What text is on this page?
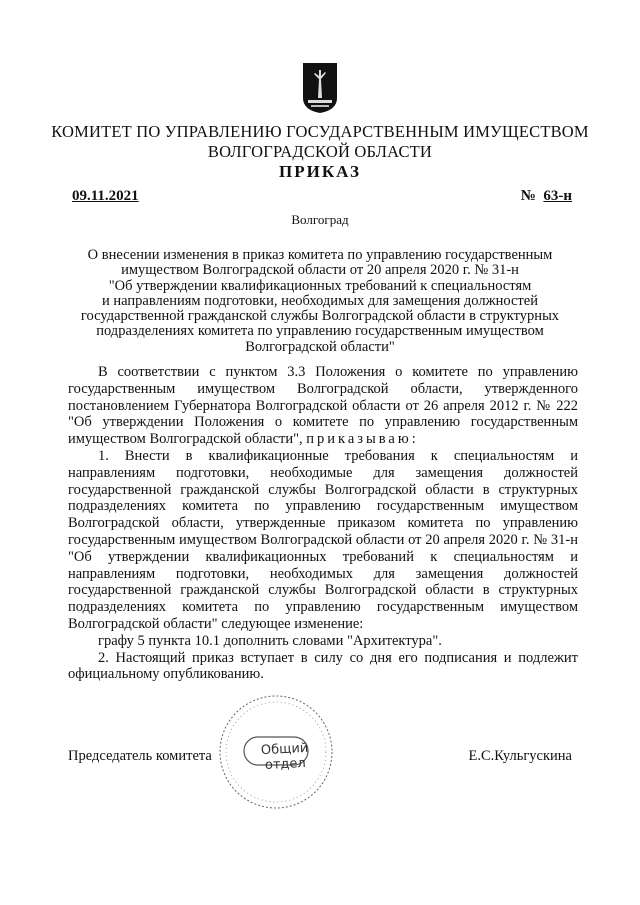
КОМИТЕТ ПО УПРАВЛЕНИЮ ГОСУДАРСТВЕННЫМ ИМУЩЕСТВОМ
ВОЛГОГРАДСКОЙ ОБЛАСТИ
ПРИКАЗ
09.11.2021	№ 63-н
Волгоград
О внесении изменения в приказ комитета по управлению государственным
имуществом Волгоградской области от 20 апреля 2020 г. № 31-н
"Об утверждении квалификационных требований к специальностям
и направлениям подготовки, необходимых для замещения должностей
государственной гражданской службы Волгоградской области в структурных
подразделениях комитета по управлению государственным имуществом
Волгоградской области"

В соответствии с пунктом 3.3 Положения о комитете по управлению государственным имуществом Волгоградской области, утвержденного постановлением Губернатора Волгоградской области от 26 апреля 2012 г. № 222 "Об утверждении Положения о комитете по управлению государственным имуществом Волгоградской области", приказываю:

1. Внести в квалификационные требования к специальностям и направлениям подготовки, необходимые для замещения должностей государственной гражданской службы Волгоградской области в структурных подразделениях комитета по управлению государственным имуществом Волгоградской области, утвержденные приказом комитета по управлению государственным имуществом Волгоградской области от 20 апреля 2020 г. № 31-н "Об утверждении квалификационных требований к специальностям и направлениям подготовки, необходимых для замещения должностей государственной гражданской службы Волгоградской области в структурных подразделениях комитета по управлению государственным имуществом Волгоградской области" следующее изменение:

графу 5 пункта 10.1 дополнить словами "Архитектура".

2. Настоящий приказ вступает в силу со дня его подписания и подлежит официальному опубликованию.

Общий отдел
Председатель комитета	Е.С.Кульгускина
